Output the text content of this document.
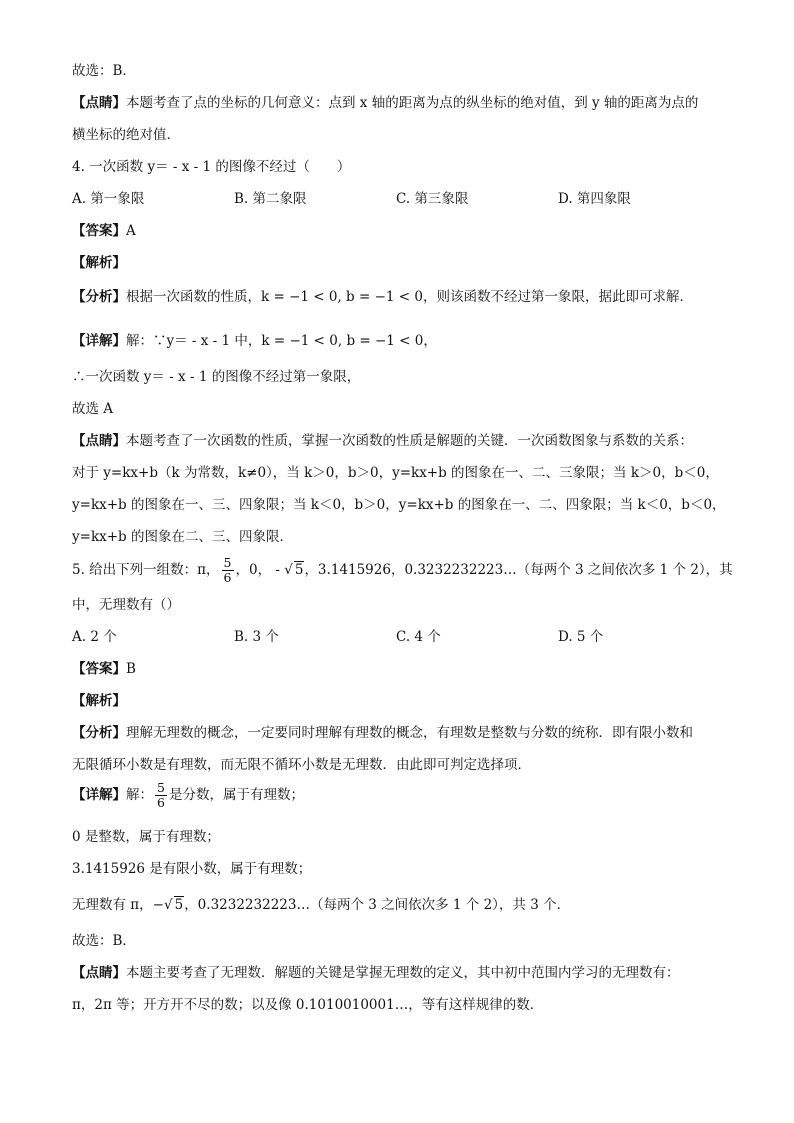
故选：B．
【点睛】本题考查了点的坐标的几何意义：点到 x 轴的距离为点的纵坐标的绝对值，到 y 轴的距离为点的
横坐标的绝对值．
4. 一次函数 y＝ - x - 1 的图像不经过（　　）
A. 第一象限	B. 第二象限	C. 第三象限	D. 第四象限
【答案】A
【解析】
【分析】根据一次函数的性质，k = −1 < 0, b = −1 < 0，则该函数不经过第一象限，据此即可求解．
【详解】解：∵y＝ - x - 1 中，k = −1 < 0, b = −1 < 0，
∴一次函数 y＝ - x - 1 的图像不经过第一象限，
故选 A
【点睛】本题考查了一次函数的性质，掌握一次函数的性质是解题的关键．一次函数图象与系数的关系：
对于 y=kx+b（k 为常数，k≠0），当 k＞0，b＞0，y=kx+b 的图象在一、二、三象限；当 k＞0，b＜0，
y=kx+b 的图象在一、三、四象限；当 k＜0，b＞0，y=kx+b 的图象在一、二、四象限；当 k＜0，b＜0，
y=kx+b 的图象在二、三、四象限．
5. 给出下列一组数：π， $\frac{5}{6}$ ，0， - √ 5，3.1415926，0.3232232223…（每两个 3 之间依次多 1 个 2），其
中，无理数有（）
A. 2 个	B. 3 个	C. 4 个	D. 5 个
【答案】B
【解析】
【分析】理解无理数的概念，一定要同时理解有理数的概念，有理数是整数与分数的统称．即有限小数和
无限循环小数是有理数，而无限不循环小数是无理数．由此即可判定选择项．
【详解】解： $\frac{5}{6}$ 是分数，属于有理数；
0 是整数，属于有理数；
3.1415926 是有限小数，属于有理数；
无理数有 π，−√ 5，0.3232232223…（每两个 3 之间依次多 1 个 2），共 3 个．
故选：B．
【点睛】本题主要考查了无理数．解题的关键是掌握无理数的定义，其中初中范围内学习的无理数有：
π，2π 等；开方开不尽的数；以及像 0.1010010001…，等有这样规律的数．
